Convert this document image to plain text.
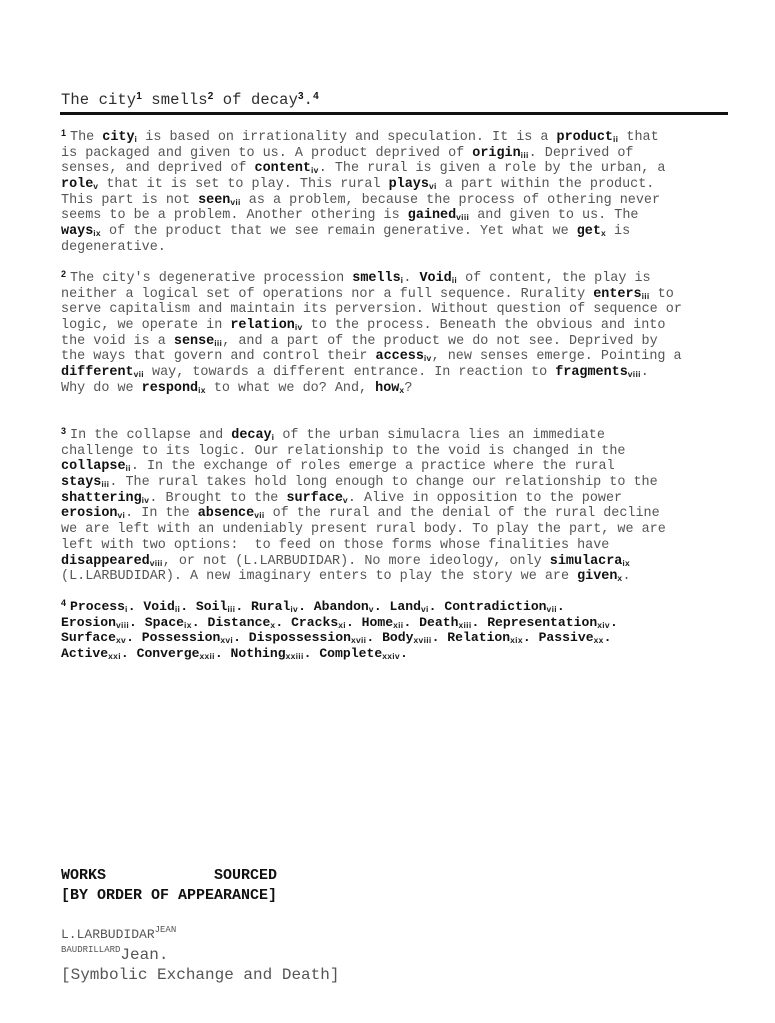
The city$^1$ smells$^2$ of decay$^3$.$^4$
$^1$ The city$_i$ is based on irrationality and speculation. It is a product$_{ii}$ that
is packaged and given to us. A product deprived of origin$_{iii}$. Deprived of
senses, and deprived of content$_{iv}$. The rural is given a role by the urban, a
role$_v$ that it is set to play. This rural plays$_{vi}$ a part within the product.
This part is not seen$_{vii}$ as a problem, because the process of othering never
seems to be a problem. Another othering is gained$_{viii}$ and given to us. The
ways$_{ix}$ of the product that we see remain generative. Yet what we get$_x$ is
degenerative.
$^2$ The city's degenerative procession smells$_i$. Void$_{ii}$ of content, the play is
neither a logical set of operations nor a full sequence. Rurality enters$_{iii}$ to
serve capitalism and maintain its perversion. Without question of sequence or
logic, we operate in relation$_{iv}$ to the process. Beneath the obvious and into
the void is a sense$_{iii}$, and a part of the product we do not see. Deprived by
the ways that govern and control their access$_{iv}$, new senses emerge. Pointing a
different$_{vii}$ way, towards a different entrance. In reaction to fragments$_{viii}$.
Why do we respond$_{ix}$ to what we do? And, how$_x$?
$^3$ In the collapse and decay$_i$ of the urban simulacra lies an immediate
challenge to its logic. Our relationship to the void is changed in the
collapse$_{ii}$. In the exchange of roles emerge a practice where the rural
stays$_{iii}$. The rural takes hold long enough to change our relationship to the
shattering$_{iv}$. Brought to the surface$_v$. Alive in opposition to the power
erosion$_{vi}$. In the absence$_{vii}$ of the rural and the denial of the rural decline
we are left with an undeniably present rural body. To play the part, we are
left with two options:  to feed on those forms whose finalities have
disappeared$_{viii}$, or not (L.LARBUDIDAR). No more ideology, only simulacra$_{ix}$
(L.LARBUDIDAR). A new imaginary enters to play the story we are given$_x$.
$^4$ Process$_i$. Void$_{ii}$. Soil$_{iii}$. Rural$_{iv}$. Abandon$_v$. Land$_{vi}$. Contradiction$_{vii}$.
Erosion$_{viii}$. Space$_{ix}$. Distance$_x$. Cracks$_{xi}$. Home$_{xii}$. Death$_{xiii}$. Representation$_{xiv}$.
Surface$_{xv}$. Possession$_{xvi}$. Dispossession$_{xvii}$. Body$_{xviii}$. Relation$_{xix}$. Passive$_{xx}$.
Active$_{xxi}$. Converge$_{xxii}$. Nothing$_{xxiii}$. Complete$_{xxiv}$.
WORKS            SOURCED
[BY ORDER OF APPEARANCE]
$L.LARBUDIDAR^{JEAN}$
$^{BAUDRILLARD}$Jean.
[Symbolic Exchange and Death]
